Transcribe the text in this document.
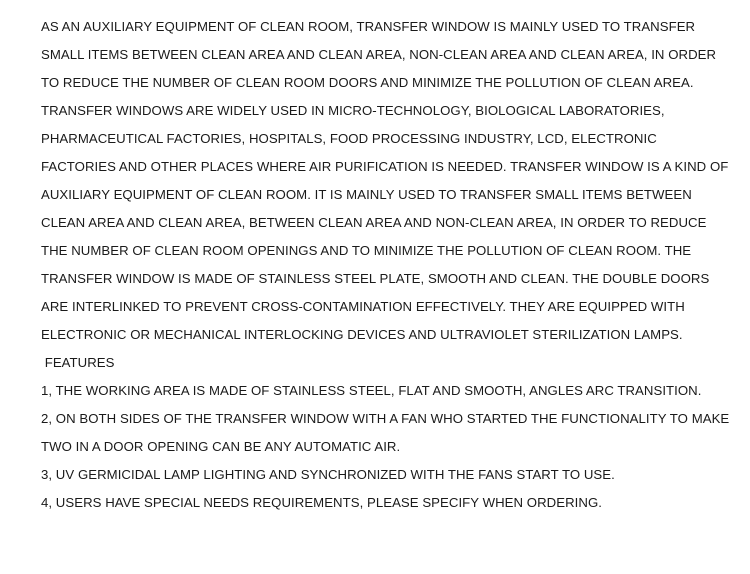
AS AN AUXILIARY EQUIPMENT OF CLEAN ROOM, TRANSFER WINDOW IS MAINLY USED TO TRANSFER
SMALL ITEMS BETWEEN CLEAN AREA AND CLEAN AREA, NON-CLEAN AREA AND CLEAN AREA, IN ORDER
TO REDUCE THE NUMBER OF CLEAN ROOM DOORS AND MINIMIZE THE POLLUTION OF CLEAN AREA.
TRANSFER WINDOWS ARE WIDELY USED IN MICRO-TECHNOLOGY, BIOLOGICAL LABORATORIES,
PHARMACEUTICAL FACTORIES, HOSPITALS, FOOD PROCESSING INDUSTRY, LCD, ELECTRONIC
FACTORIES AND OTHER PLACES WHERE AIR PURIFICATION IS NEEDED. TRANSFER WINDOW IS A KIND OF
AUXILIARY EQUIPMENT OF CLEAN ROOM. IT IS MAINLY USED TO TRANSFER SMALL ITEMS BETWEEN
CLEAN AREA AND CLEAN AREA, BETWEEN CLEAN AREA AND NON-CLEAN AREA, IN ORDER TO REDUCE
THE NUMBER OF CLEAN ROOM OPENINGS AND TO MINIMIZE THE POLLUTION OF CLEAN ROOM. THE
TRANSFER WINDOW IS MADE OF STAINLESS STEEL PLATE, SMOOTH AND CLEAN. THE DOUBLE DOORS
ARE INTERLINKED TO PREVENT CROSS-CONTAMINATION EFFECTIVELY. THEY ARE EQUIPPED WITH
ELECTRONIC OR MECHANICAL INTERLOCKING DEVICES AND ULTRAVIOLET STERILIZATION LAMPS.
FEATURES
1, THE WORKING AREA IS MADE OF STAINLESS STEEL, FLAT AND SMOOTH, ANGLES ARC TRANSITION.
2, ON BOTH SIDES OF THE TRANSFER WINDOW WITH A FAN WHO STARTED THE FUNCTIONALITY TO MAKE
TWO IN A DOOR OPENING CAN BE ANY AUTOMATIC AIR.
3, UV GERMICIDAL LAMP LIGHTING AND SYNCHRONIZED WITH THE FANS START TO USE.
4, USERS HAVE SPECIAL NEEDS REQUIREMENTS, PLEASE SPECIFY WHEN ORDERING.
